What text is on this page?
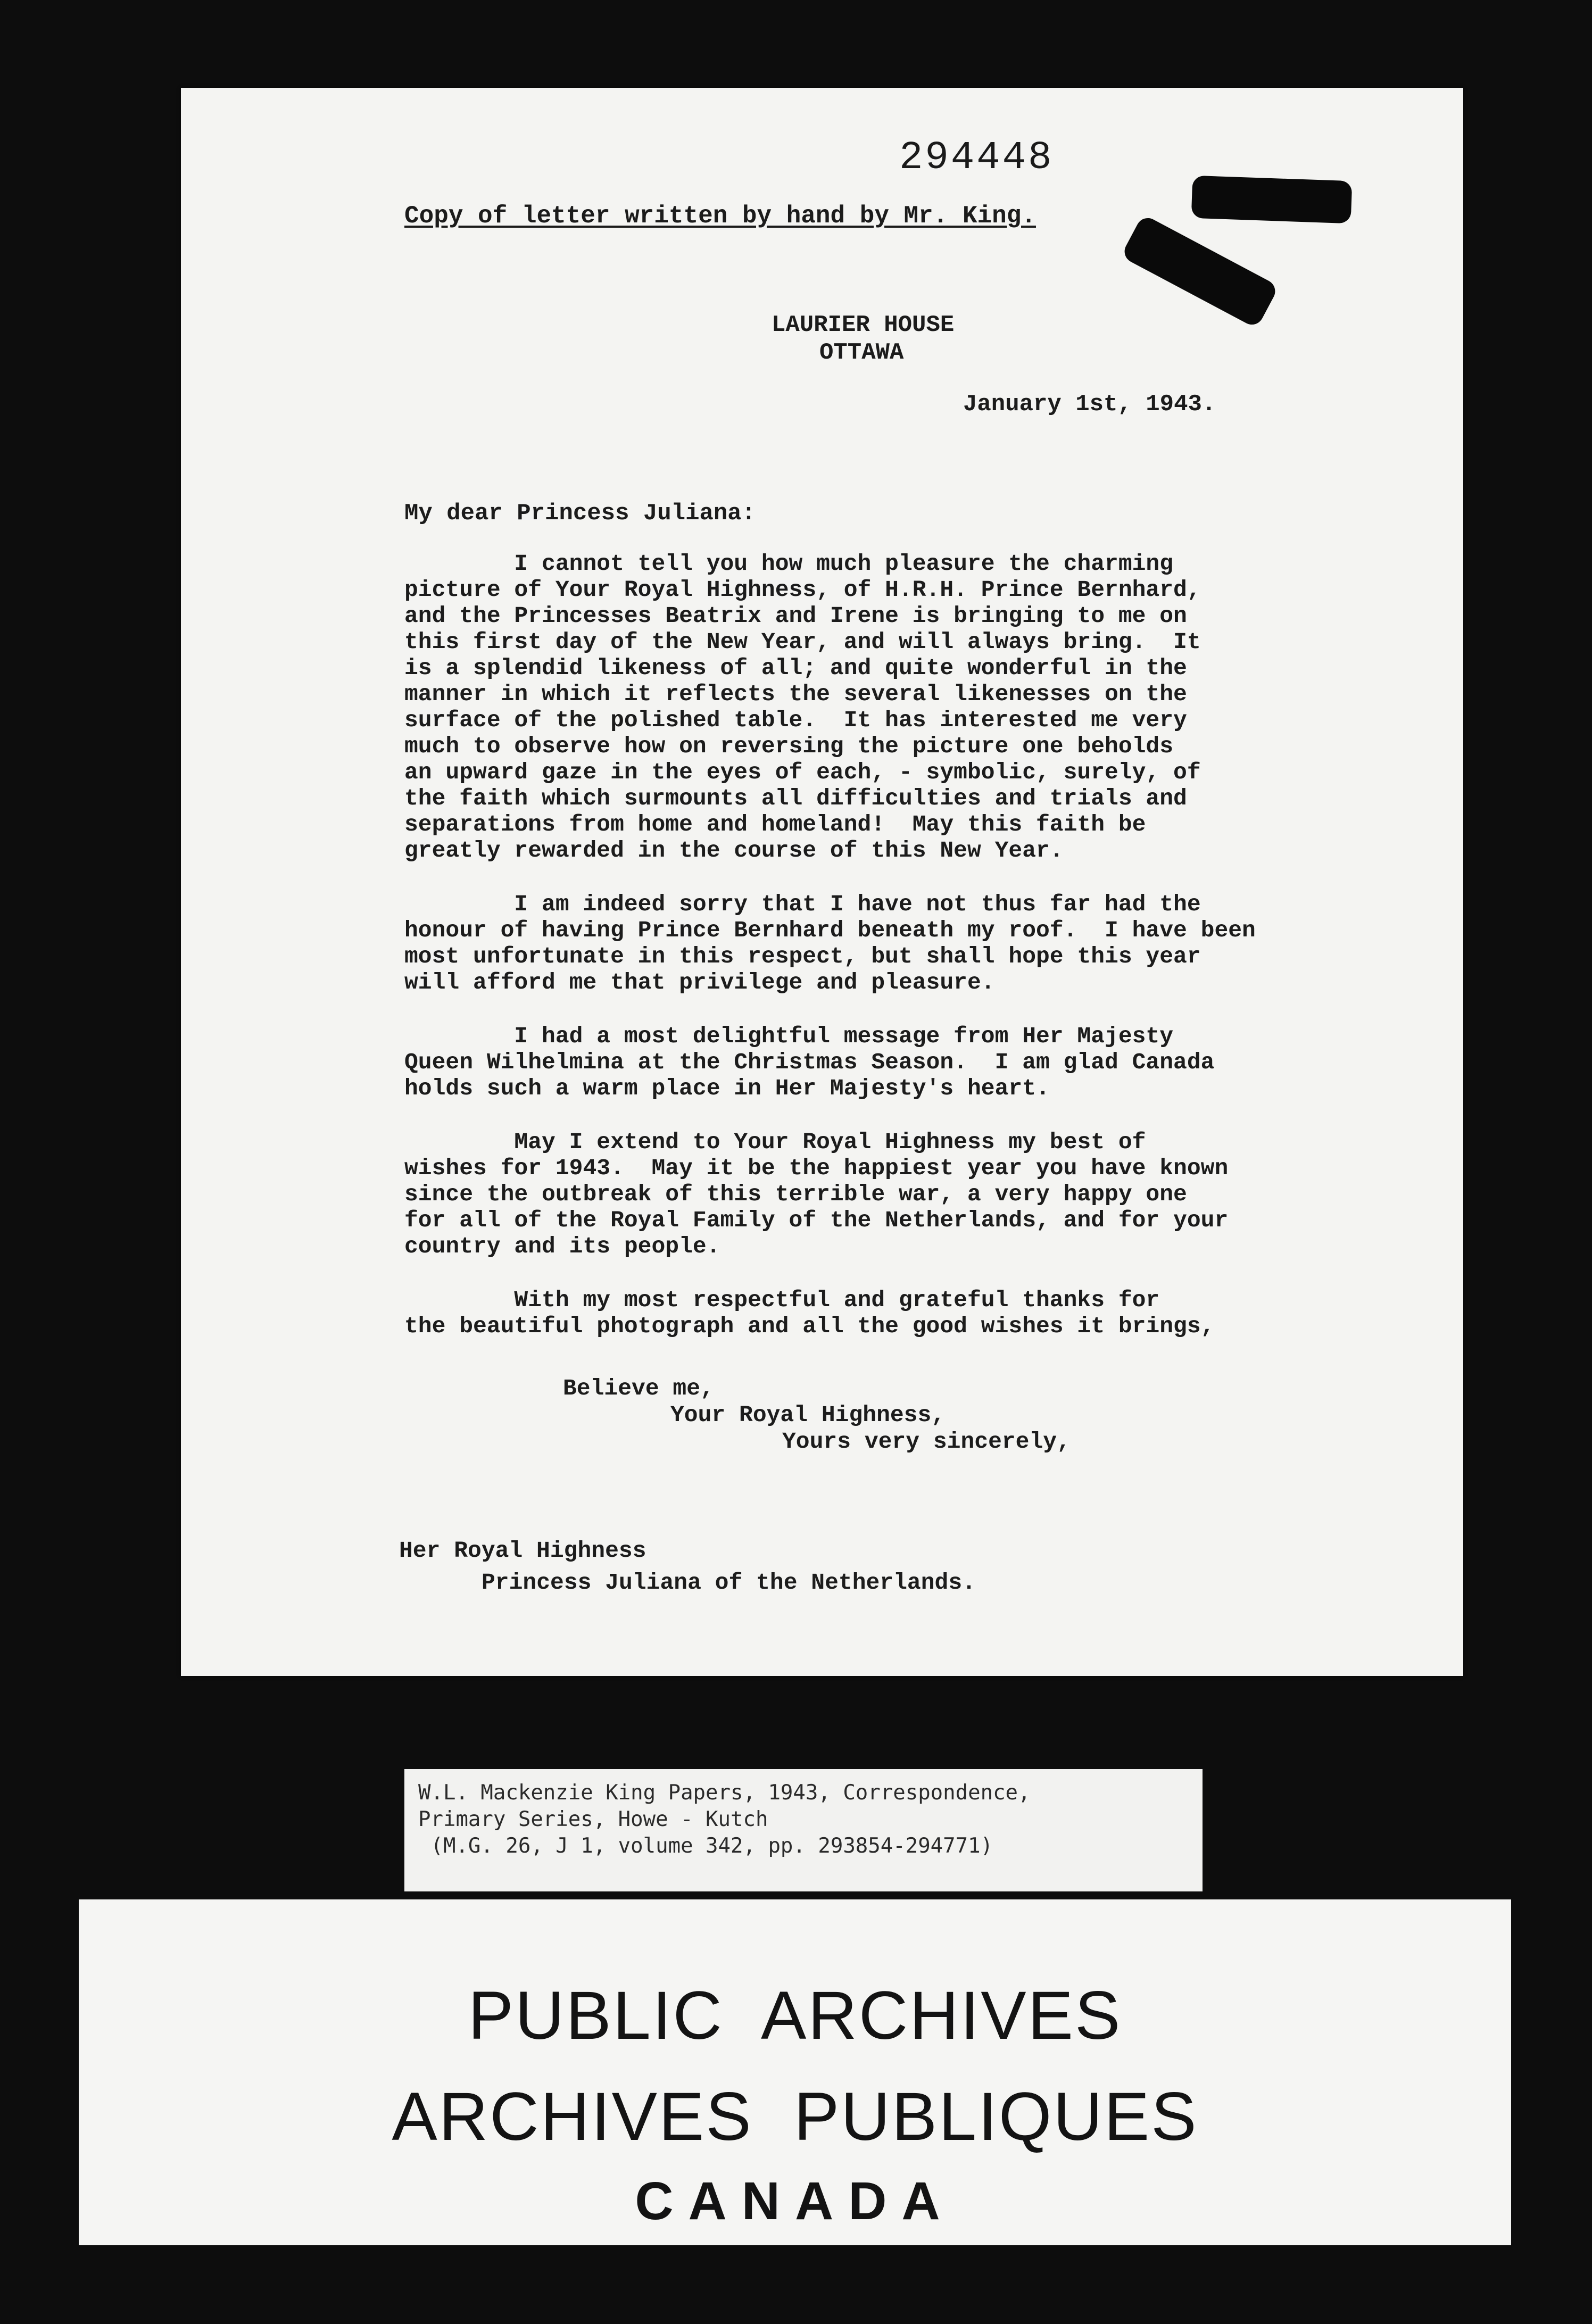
294448
Copy of letter written by hand by Mr. King.
LAURIER HOUSE
OTTAWA
January 1st, 1943.
My dear Princess Juliana:

I cannot tell you how much pleasure the charming
picture of Your Royal Highness, of H.R.H. Prince Bernhard,
and the Princesses Beatrix and Irene is bringing to me on
this first day of the New Year, and will always bring.  It
is a splendid likeness of all; and quite wonderful in the
manner in which it reflects the several likenesses on the
surface of the polished table.  It has interested me very
much to observe how on reversing the picture one beholds
an upward gaze in the eyes of each, - symbolic, surely, of
the faith which surmounts all difficulties and trials and
separations from home and homeland!  May this faith be
greatly rewarded in the course of this New Year.

I am indeed sorry that I have not thus far had the
honour of having Prince Bernhard beneath my roof.  I have been
most unfortunate in this respect, but shall hope this year
will afford me that privilege and pleasure.

I had a most delightful message from Her Majesty
Queen Wilhelmina at the Christmas Season.  I am glad Canada
holds such a warm place in Her Majesty's heart.

May I extend to Your Royal Highness my best of
wishes for 1943.  May it be the happiest year you have known
since the outbreak of this terrible war, a very happy one
for all of the Royal Family of the Netherlands, and for your
country and its people.

With my most respectful and grateful thanks for
the beautiful photograph and all the good wishes it brings,

Believe me,
Your Royal Highness,
Yours very sincerely,
Her Royal Highness
Princess Juliana of the Netherlands.
W.L. Mackenzie King Papers, 1943, Correspondence,
Primary Series, Howe - Kutch
(M.G. 26, J 1, volume 342, pp. 293854-294771)
PUBLIC  ARCHIVES
ARCHIVES  PUBLIQUES
CANADA
